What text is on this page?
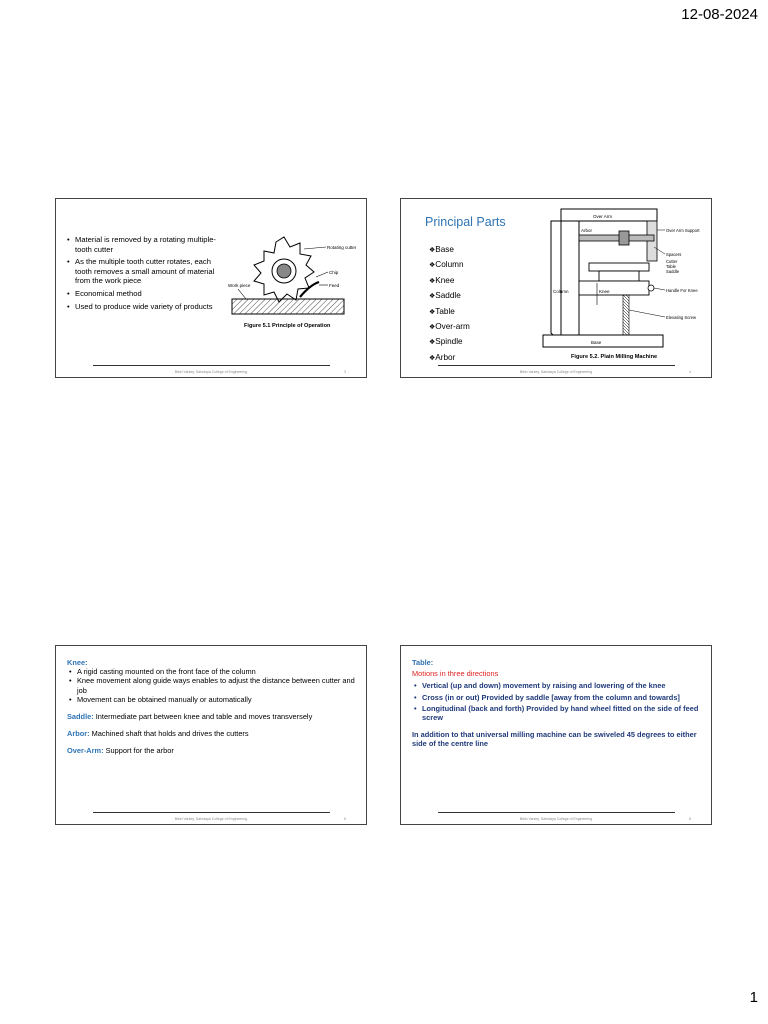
12-08-2024
• Material is removed by a rotating multiple-tooth cutter
• As the multiple tooth cutter rotates, each tooth removes a small amount of material from the work piece
• Economical method
• Used to produce wide variety of products
Rotating cutter
Chip
Feed
Work piece
Figure 5.1 Principle of Operation
Bibin Varkey, Sahrdaya College of Engineering	3
Principal Parts
❖ Base
❖ Column
❖ Knee
❖ Saddle
❖ Table
❖ Over-arm
❖ Spindle
❖ Arbor
Over Arm
Base
Arbor
Column	Knee
Over Arm Support
Spacers
Cutter
Table
Saddle
Handle For Knee
Elevating Screw
Figure 5.2. Plain Milling Machine
Bibin Varkey, Sahrdaya College of Engineering	4
Knee:
• A rigid casting mounted on the front face of the column
• Knee movement along guide ways enables to adjust the distance between cutter and job
• Movement can be obtained manually or automatically
Saddle: Intermediate part between knee and table and moves transversely
Arbor: Machined shaft that holds and drives the cutters
Over-Arm: Support for the arbor
Bibin Varkey, Sahrdaya College of Engineering	5
Table:
Motions in three directions
• Vertical (up and down) movement by raising and lowering of the knee
• Cross (in or out) Provided by saddle [away from the column and towards]
• Longitudinal (back and forth) Provided by hand wheel fitted on the side of feed screw
In addition to that universal milling machine can be swiveled 45 degrees to either side of the centre line
Bibin Varkey, Sahrdaya College of Engineering	6
1
